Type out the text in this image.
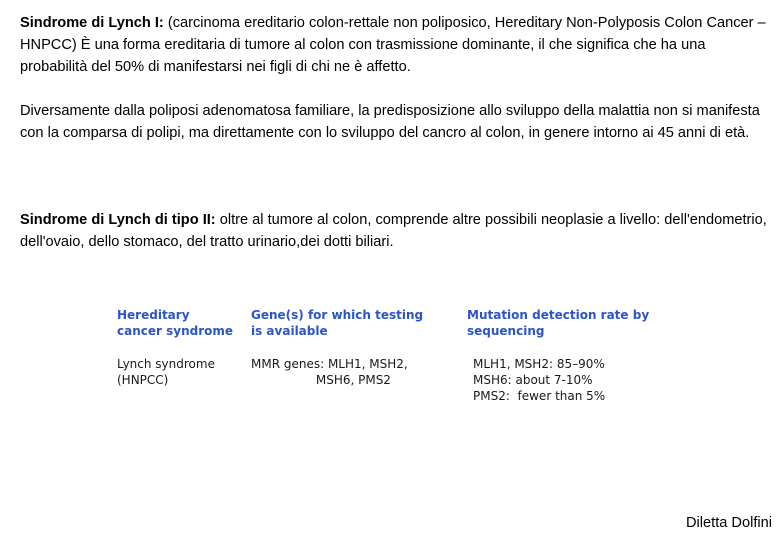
Sindrome di Lynch I: (carcinoma ereditario colon-rettale non poliposico, Hereditary Non-Polyposis Colon Cancer – HNPCC) È una forma ereditaria di tumore al colon con trasmissione dominante, il che significa che ha una probabilità del 50% di manifestarsi nei figli di chi ne è affetto.

Diversamente dalla poliposi adenomatosa familiare, la predisposizione allo sviluppo della malattia non si manifesta con la comparsa di polipi, ma direttamente con lo sviluppo del cancro al colon, in genere intorno ai 45 anni di età.

Sindrome di Lynch di tipo II: oltre al tumore al colon, comprende altre possibili neoplasie a livello: dell'endometrio, dell'ovaio, dello stomaco, del tratto urinario,dei dotti biliari.

Hereditary
cancer syndrome
Gene(s) for which testing
is available
Mutation detection rate by
sequencing
Lynch syndrome
(HNPCC)
MMR genes: MLH1, MSH2,
MSH6, PMS2
MLH1, MSH2: 85–90%
MSH6: about 7-10%
PMS2:  fewer than 5%
Diletta Dolfini
